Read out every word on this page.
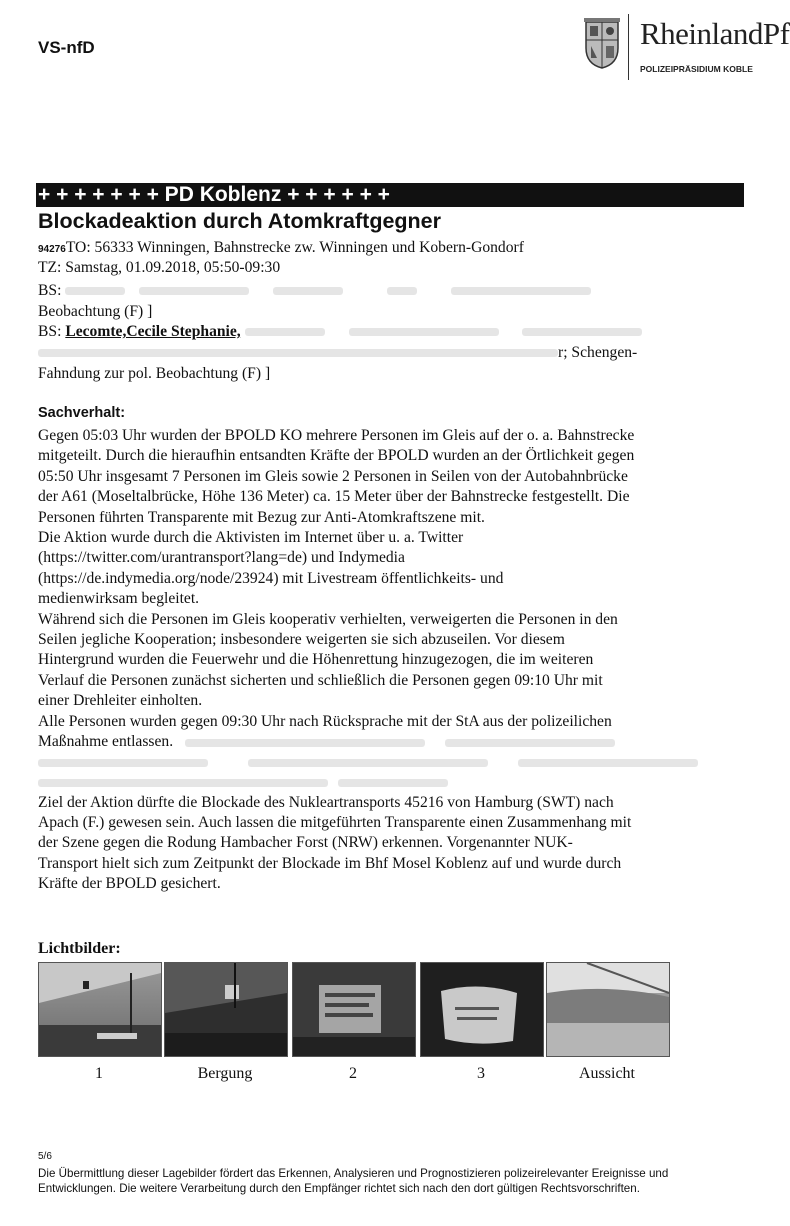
VS-nfD	RheinlandPf
POLIZEIPRÄSIDIUM KOBLE
+ + + + + + + PD Koblenz + + + + + +
Blockadeaktion durch Atomkraftgegner
94276TO: 56333 Winningen, Bahnstrecke zw. Winningen und Kobern-Gondorf
TZ: Samstag, 01.09.2018, 05:50-09:30
BS:
Beobachtung (F) ]
BS: Lecomte,Cecile Stephanie,
r; Schengen-
Fahndung zur pol. Beobachtung (F) ]
Sachverhalt:
Gegen 05:03 Uhr wurden der BPOLD KO mehrere Personen im Gleis auf der o. a. Bahnstrecke
mitgeteilt. Durch die hieraufhin entsandten Kräfte der BPOLD wurden an der Örtlichkeit gegen
05:50 Uhr insgesamt 7 Personen im Gleis sowie 2 Personen in Seilen von der Autobahnbrücke
der A61 (Moseltalbrücke, Höhe 136 Meter) ca. 15 Meter über der Bahnstrecke festgestellt. Die
Personen führten Transparente mit Bezug zur Anti-Atomkraftszene mit.
Die Aktion wurde durch die Aktivisten im Internet über u. a. Twitter
(https://twitter.com/urantransport?lang=de) und Indymedia
(https://de.indymedia.org/node/23924) mit Livestream öffentlichkeits- und
medienwirksam begleitet.
Während sich die Personen im Gleis kooperativ verhielten, verweigerten die Personen in den
Seilen jegliche Kooperation; insbesondere weigerten sie sich abzuseilen. Vor diesem
Hintergrund wurden die Feuerwehr und die Höhenrettung hinzugezogen, die im weiteren
Verlauf die Personen zunächst sicherten und schließlich die Personen gegen 09:10 Uhr mit
einer Drehleiter einholten.
Alle Personen wurden gegen 09:30 Uhr nach Rücksprache mit der StA aus der polizeilichen
Maßnahme entlassen.
Ziel der Aktion dürfte die Blockade des Nukleartransports 45216 von Hamburg (SWT) nach
Apach (F.) gewesen sein. Auch lassen die mitgeführten Transparente einen Zusammenhang mit
der Szene gegen die Rodung Hambacher Forst (NRW) erkennen. Vorgenannter NUK-
Transport hielt sich zum Zeitpunkt der Blockade im Bhf Mosel Koblenz auf und wurde durch
Kräfte der BPOLD gesichert.
Lichtbilder:
1	Bergung	2	3	Aussicht
5/6
Die Übermittlung dieser Lagebilder fördert das Erkennen, Analysieren und Prognostizieren polizeirelevanter Ereignisse und Entwicklungen. Die weitere Verarbeitung durch den Empfänger richtet sich nach den dort gültigen Rechtsvorschriften.
